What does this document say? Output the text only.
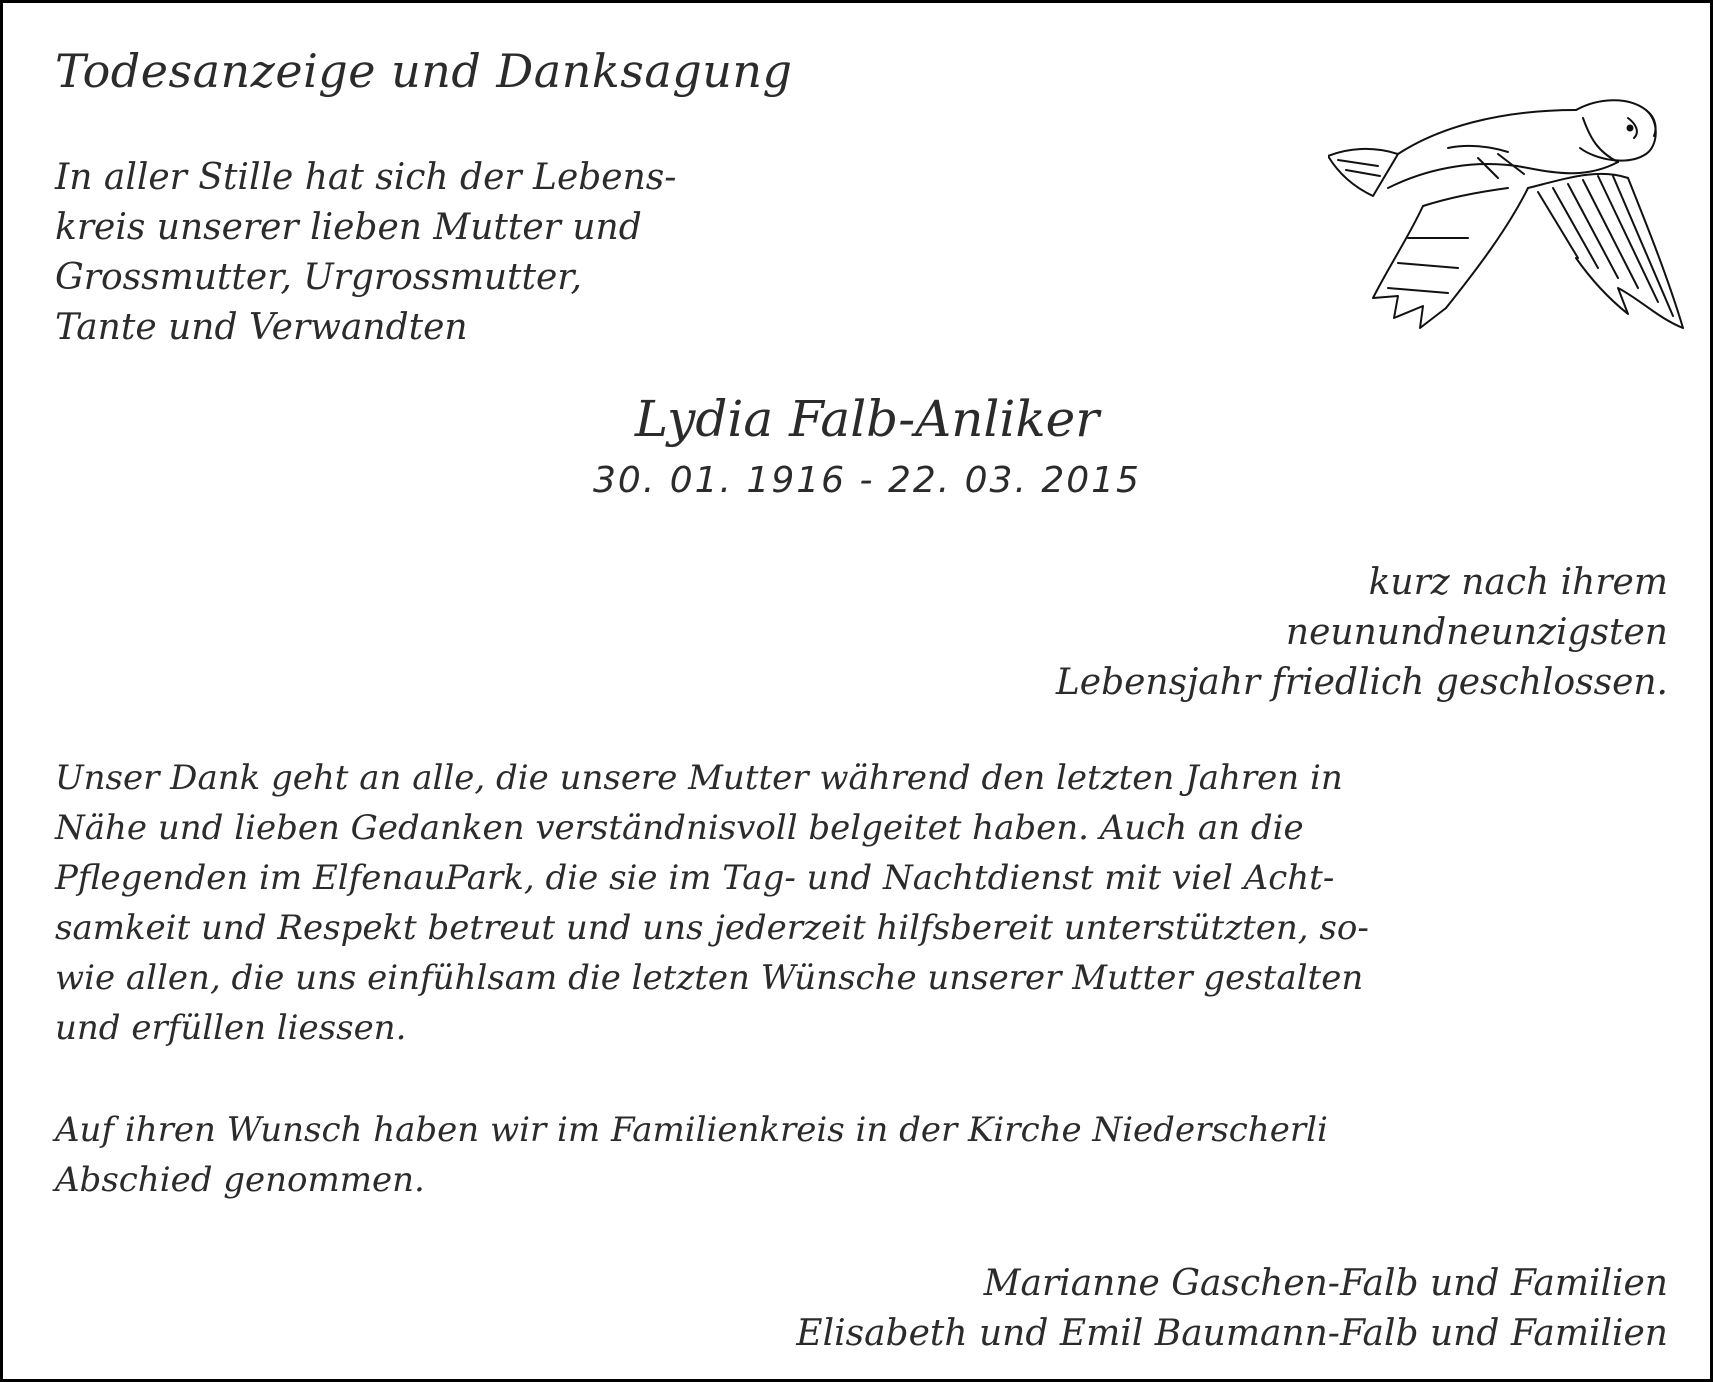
Todesanzeige und Danksagung
In aller Stille hat sich der Lebens-
kreis unserer lieben Mutter und
Grossmutter, Urgrossmutter,
Tante und Verwandten
Lydia Falb-Anliker
30. 01. 1916 - 22. 03. 2015
kurz nach ihrem
neunundneunzigsten
Lebensjahr friedlich geschlossen.
Unser Dank geht an alle, die unsere Mutter während den letzten Jahren in
Nähe und lieben Gedanken verständnisvoll belgeitet haben. Auch an die
Pflegenden im ElfenauPark, die sie im Tag- und Nachtdienst mit viel Acht-
samkeit und Respekt betreut und uns jederzeit hilfsbereit unterstützten, so-
wie allen, die uns einfühlsam die letzten Wünsche unserer Mutter gestalten
und erfüllen liessen.
Auf ihren Wunsch haben wir im Familienkreis in der Kirche Niederscherli
Abschied genommen.
Marianne Gaschen-Falb und Familien
Elisabeth und Emil Baumann-Falb und Familien
